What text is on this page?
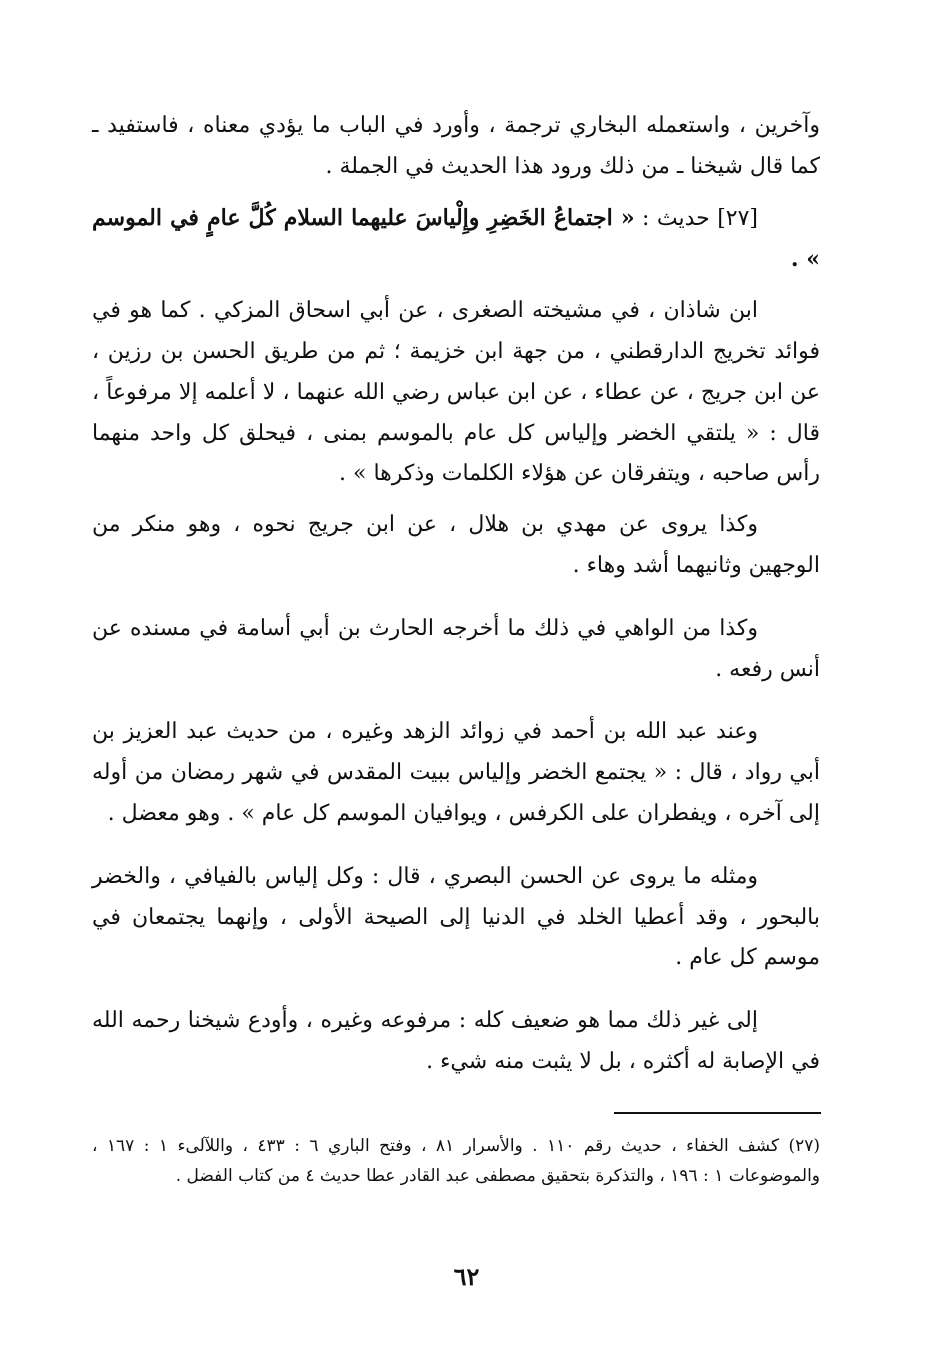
وآخرين ، واستعمله البخاري ترجمة ، وأورد في الباب ما يؤدي معناه ، فاستفيد ـ كما قال شيخنا ـ من ذلك ورود هذا الحديث في الجملة .

[٢٧] حديث : « اجتماعُ الخَضِرِ وإِلْياسَ عليهما السلام كُلَّ عامٍ في الموسم » .

ابن شاذان ، في مشيخته الصغرى ، عن أبي اسحاق المزكي . كما هو في فوائد تخريج الدارقطني ، من جهة ابن خزيمة ؛ ثم من طريق الحسن بن رزين ، عن ابن جريج ، عن عطاء ، عن ابن عباس رضي الله عنهما ، لا أعلمه إلا مرفوعاً ، قال : « يلتقي الخضر وإلياس كل عام بالموسم بمنى ، فيحلق كل واحد منهما رأس صاحبه ، ويتفرقان عن هؤلاء الكلمات وذكرها » .

وكذا يروى عن مهدي بن هلال ، عن ابن جريج نحوه ، وهو منكر من الوجهين وثانيهما أشد وهاء .

وكذا من الواهي في ذلك ما أخرجه الحارث بن أبي أسامة في مسنده عن أنس رفعه .

وعند عبد الله بن أحمد في زوائد الزهد وغيره ، من حديث عبد العزيز بن أبي رواد ، قال : « يجتمع الخضر وإلياس ببيت المقدس في شهر رمضان من أوله إلى آخره ، ويفطران على الكرفس ، ويوافيان الموسم كل عام » . وهو معضل .

ومثله ما يروى عن الحسن البصري ، قال : وكل إلياس بالفيافي ، والخضر بالبحور ، وقد أعطيا الخلد في الدنيا إلى الصيحة الأولى ، وإنهما يجتمعان في موسم كل عام .

إلى غير ذلك مما هو ضعيف كله : مرفوعه وغيره ، وأودع شيخنا رحمه الله في الإصابة له أكثره ، بل لا يثبت منه شيء .

(٢٧) كشف الخفاء ، حديث رقم ١١٠ . والأسرار ٨١ ، وفتح الباري ٦ : ٤٣٣ ، واللآلىء ١ : ١٦٧ ، والموضوعات ١ : ١٩٦ ، والتذكرة بتحقيق مصطفى عبد القادر عطا حديث ٤ من كتاب الفضل .

٦٢
